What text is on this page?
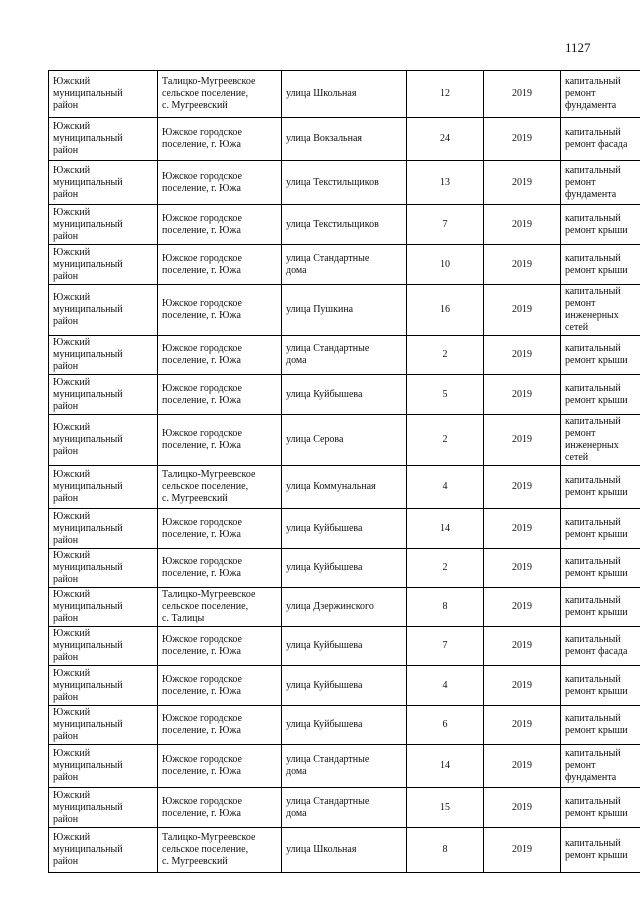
1127
Южский
муниципальный
район	Талицко-Мугреевское
сельское поселение,
с. Мугреевский	улица Школьная	12	2019	капитальный
ремонт
фундамента

Южский
муниципальный
район	Южское городское
поселение, г. Южа	улица Вокзальная	24	2019	капитальный
ремонт фасада

Южский
муниципальный
район	Южское городское
поселение, г. Южа	улица Текстильщиков	13	2019	капитальный
ремонт
фундамента

Южский
муниципальный
район	Южское городское
поселение, г. Южа	улица Текстильщиков	7	2019	капитальный
ремонт крыши

Южский
муниципальный
район	Южское городское
поселение, г. Южа	улица Стандартные
дома	10	2019	капитальный
ремонт крыши

Южский
муниципальный
район	Южское городское
поселение, г. Южа	улица Пушкина	16	2019	капитальный
ремонт
инженерных
сетей

Южский
муниципальный
район	Южское городское
поселение, г. Южа	улица Стандартные
дома	2	2019	капитальный
ремонт крыши

Южский
муниципальный
район	Южское городское
поселение, г. Южа	улица Куйбышева	5	2019	капитальный
ремонт крыши

Южский
муниципальный
район	Южское городское
поселение, г. Южа	улица Серова	2	2019	капитальный
ремонт
инженерных
сетей

Южский
муниципальный
район	Талицко-Мугреевское
сельское поселение,
с. Мугреевский	улица Коммунальная	4	2019	капитальный
ремонт крыши

Южский
муниципальный
район	Южское городское
поселение, г. Южа	улица Куйбышева	14	2019	капитальный
ремонт крыши

Южский
муниципальный
район	Южское городское
поселение, г. Южа	улица Куйбышева	2	2019	капитальный
ремонт крыши

Южский
муниципальный
район	Талицко-Мугреевское
сельское поселение,
с. Талицы	улица Дзержинского	8	2019	капитальный
ремонт крыши

Южский
муниципальный
район	Южское городское
поселение, г. Южа	улица Куйбышева	7	2019	капитальный
ремонт фасада

Южский
муниципальный
район	Южское городское
поселение, г. Южа	улица Куйбышева	4	2019	капитальный
ремонт крыши

Южский
муниципальный
район	Южское городское
поселение, г. Южа	улица Куйбышева	6	2019	капитальный
ремонт крыши

Южский
муниципальный
район	Южское городское
поселение, г. Южа	улица Стандартные
дома	14	2019	капитальный
ремонт
фундамента

Южский
муниципальный
район	Южское городское
поселение, г. Южа	улица Стандартные
дома	15	2019	капитальный
ремонт крыши

Южский
муниципальный
район	Талицко-Мугреевское
сельское поселение,
с. Мугреевский	улица Школьная	8	2019	капитальный
ремонт крыши
